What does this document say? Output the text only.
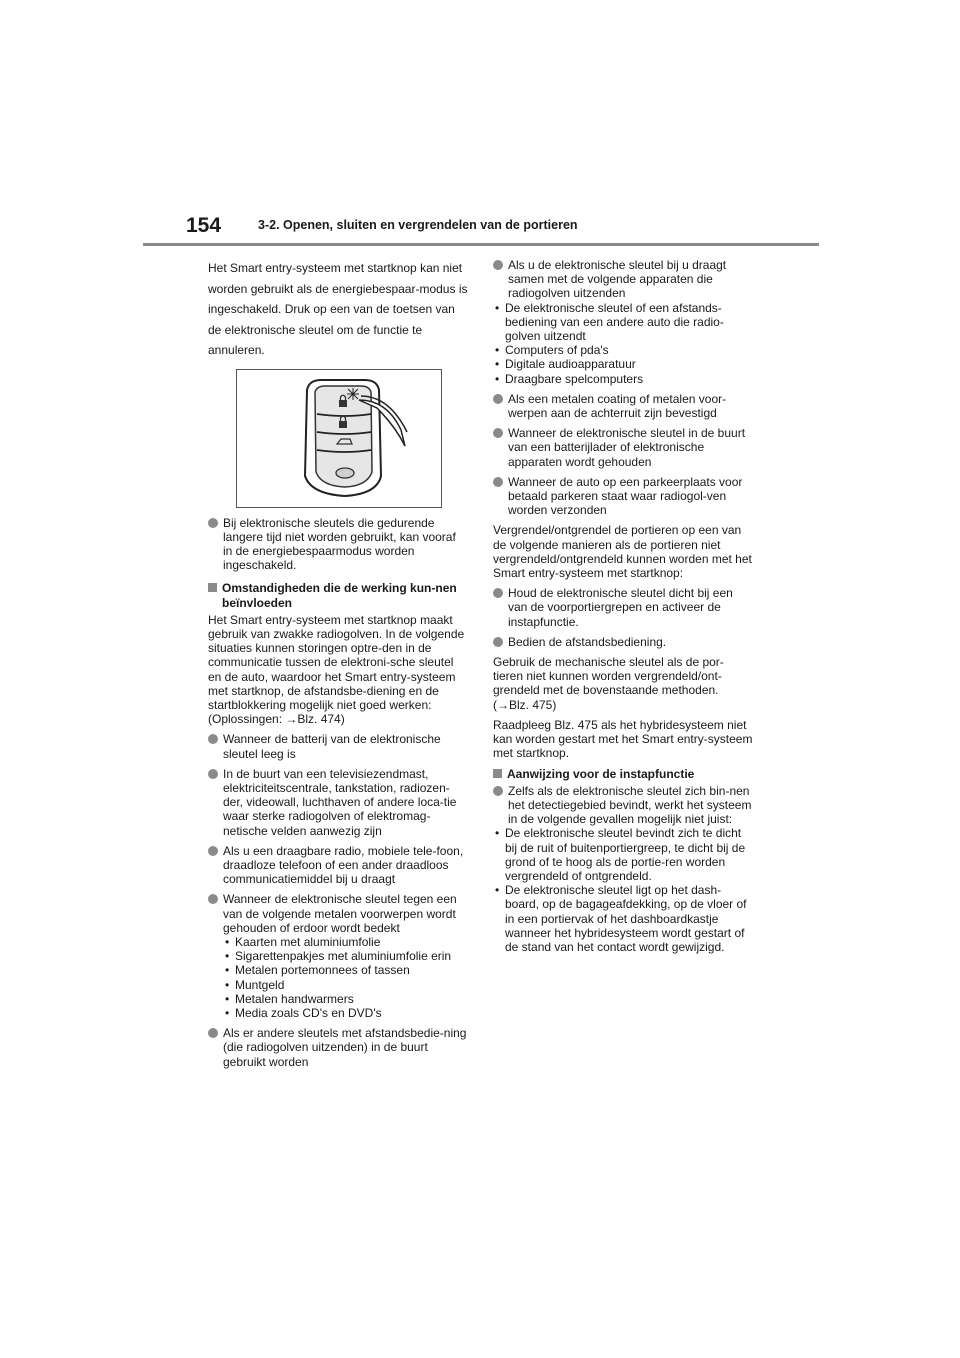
154	3-2. Openen, sluiten en vergrendelen van de portieren

Het Smart entry-systeem met startknop kan niet worden gebruikt als de energiebespaar-modus is ingeschakeld. Druk op een van de toetsen van de elektronische sleutel om de functie te annuleren.

Bij elektronische sleutels die gedurende langere tijd niet worden gebruikt, kan vooraf in de energiebespaarmodus worden ingeschakeld.
Omstandigheden die de werking kun-nen beïnvloeden

Het Smart entry-systeem met startknop maakt gebruik van zwakke radiogolven. In de volgende situaties kunnen storingen optre-den in de communicatie tussen de elektroni-sche sleutel en de auto, waardoor het Smart entry-systeem met startknop, de afstandsbe-diening en de startblokkering mogelijk niet goed werken: (Oplossingen: →Blz. 474)

Wanneer de batterij van de elektronische sleutel leeg is
In de buurt van een televisiezendmast, elektriciteitscentrale, tankstation, radiozen-der, videowall, luchthaven of andere loca-tie waar sterke radiogolven of elektromag-netische velden aanwezig zijn
Als u een draagbare radio, mobiele tele-foon, draadloze telefoon of een ander draadloos communicatiemiddel bij u draagt
Wanneer de elektronische sleutel tegen een van de volgende metalen voorwerpen wordt gehouden of erdoor wordt bedekt
• Kaarten met aluminiumfolie
• Sigarettenpakjes met aluminiumfolie erin
• Metalen portemonnees of tassen
• Muntgeld
• Metalen handwarmers
• Media zoals CD's en DVD's
Als er andere sleutels met afstandsbedie-ning (die radiogolven uitzenden) in de buurt gebruikt worden
Als u de elektronische sleutel bij u draagt samen met de volgende apparaten die radiogolven uitzenden
• De elektronische sleutel of een afstands-bediening van een andere auto die radio-golven uitzendt
• Computers of pda's
• Digitale audioapparatuur
• Draagbare spelcomputers
Als een metalen coating of metalen voor-werpen aan de achterruit zijn bevestigd
Wanneer de elektronische sleutel in de buurt van een batterijlader of elektronische apparaten wordt gehouden
Wanneer de auto op een parkeerplaats voor betaald parkeren staat waar radiogol-ven worden verzonden

Vergrendel/ontgrendel de portieren op een van de volgende manieren als de portieren niet vergrendeld/ontgrendeld kunnen worden met het Smart entry-systeem met startknop:

Houd de elektronische sleutel dicht bij een van de voorportiergrepen en activeer de instapfunctie.
Bedien de afstandsbediening.

Gebruik de mechanische sleutel als de por-tieren niet kunnen worden vergrendeld/ont-grendeld met de bovenstaande methoden. (→Blz. 475)

Raadpleeg Blz. 475 als het hybridesysteem niet kan worden gestart met het Smart entry-systeem met startknop.

Aanwijzing voor de instapfunctie
Zelfs als de elektronische sleutel zich bin-nen het detectiegebied bevindt, werkt het systeem in de volgende gevallen mogelijk niet juist:
• De elektronische sleutel bevindt zich te dicht bij de ruit of buitenportiergreep, te dicht bij de grond of te hoog als de portie-ren worden vergrendeld of ontgrendeld.
• De elektronische sleutel ligt op het dash-board, op de bagageafdekking, op de vloer of in een portiervak of het dashboardkastje wanneer het hybridesysteem wordt gestart of de stand van het contact wordt gewijzigd.
